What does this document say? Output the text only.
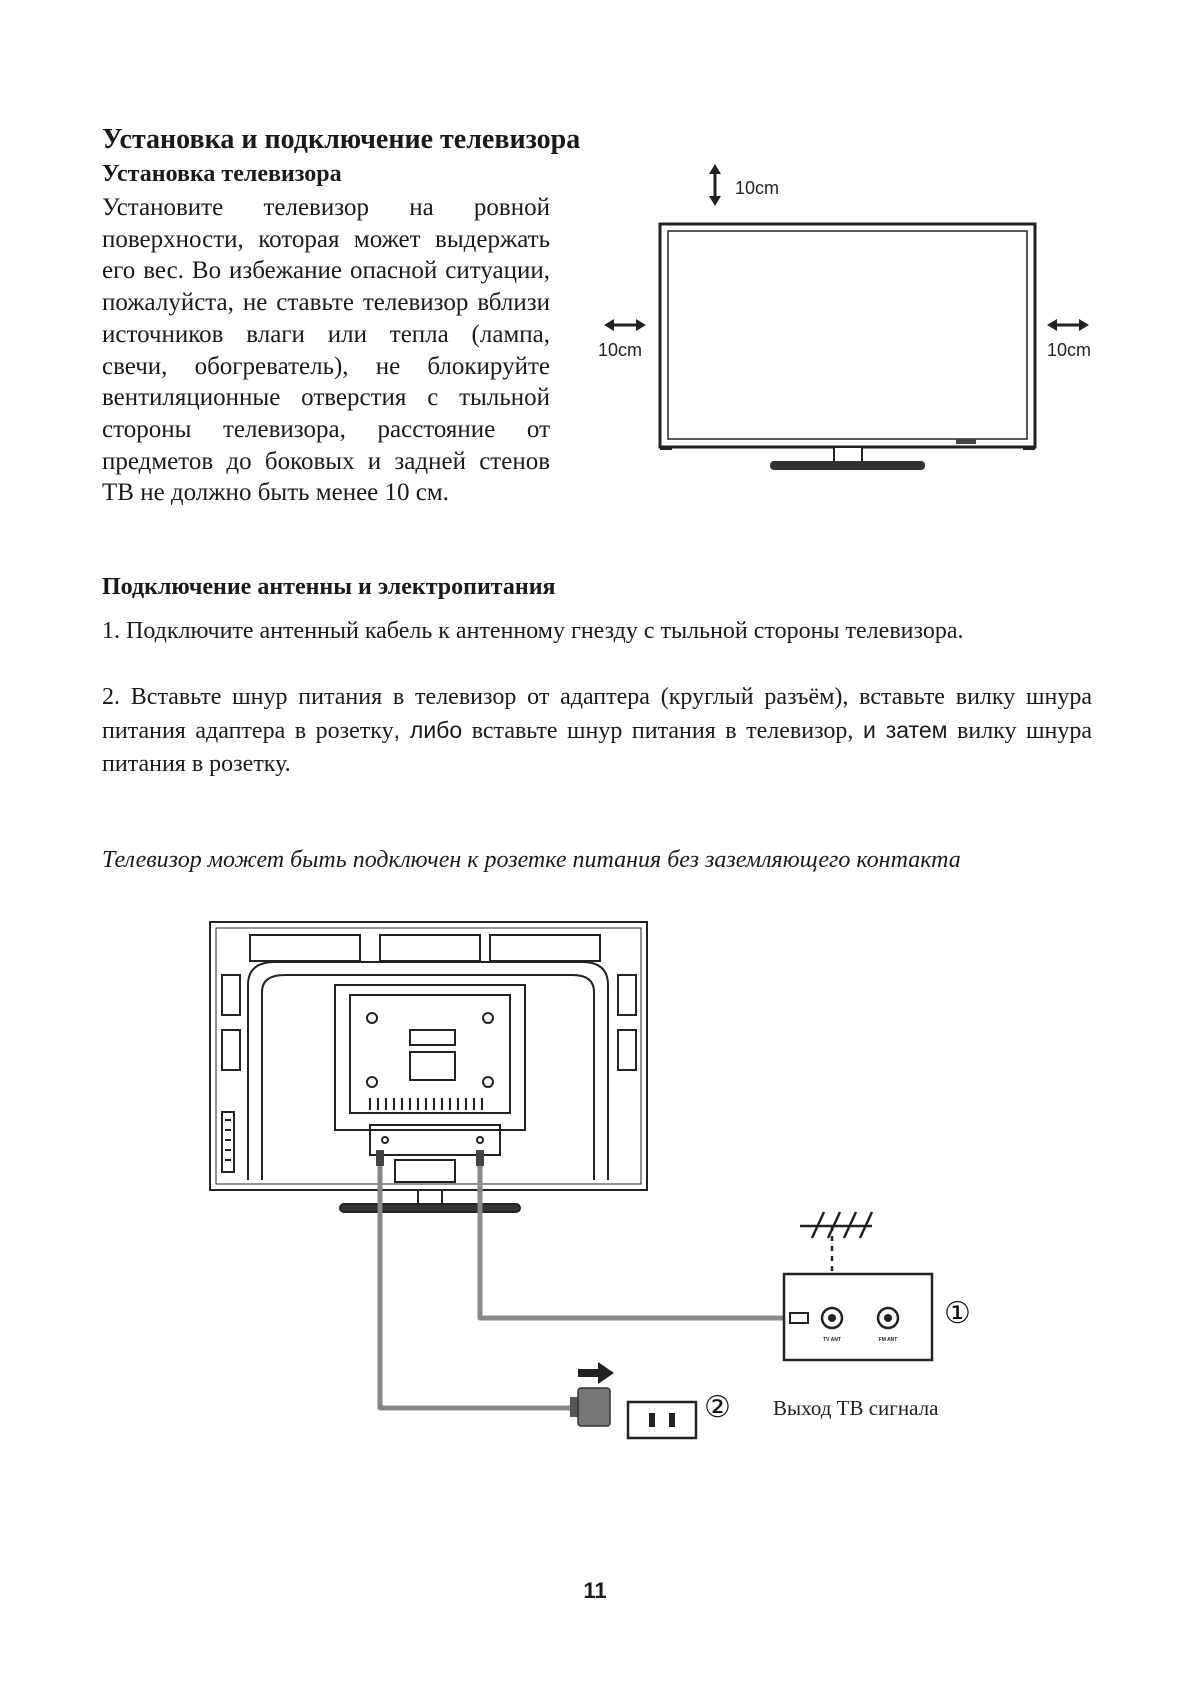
Установка и подключение телевизора
Установка телевизора
Установите телевизор на ровной поверхности, которая может выдержать его вес. Во избежание опасной ситуации, пожалуйста, не ставьте телевизор вблизи источников влаги или тепла (лампа, свечи, обогреватель), не блокируйте вентиляционные отверстия с тыльной стороны телевизора, расстояние от предметов до боковых и задней стенов ТВ не должно быть менее 10 см.
10cm
10cm	10cm
Подключение антенны и электропитания
1. Подключите антенный кабель к антенному гнезду с тыльной стороны телевизора.
2. Вставьте шнур питания в телевизор от адаптера (круглый разъём), вставьте вилку шнура питания адаптера в розетку, либо вставьте шнур питания в телевизор, и затем вилку шнура питания в розетку.
Телевизор может быть подключен к розетке питания без заземляющего контакта
TV ANT	FM ANT
①
② Выход ТВ сигнала
11
